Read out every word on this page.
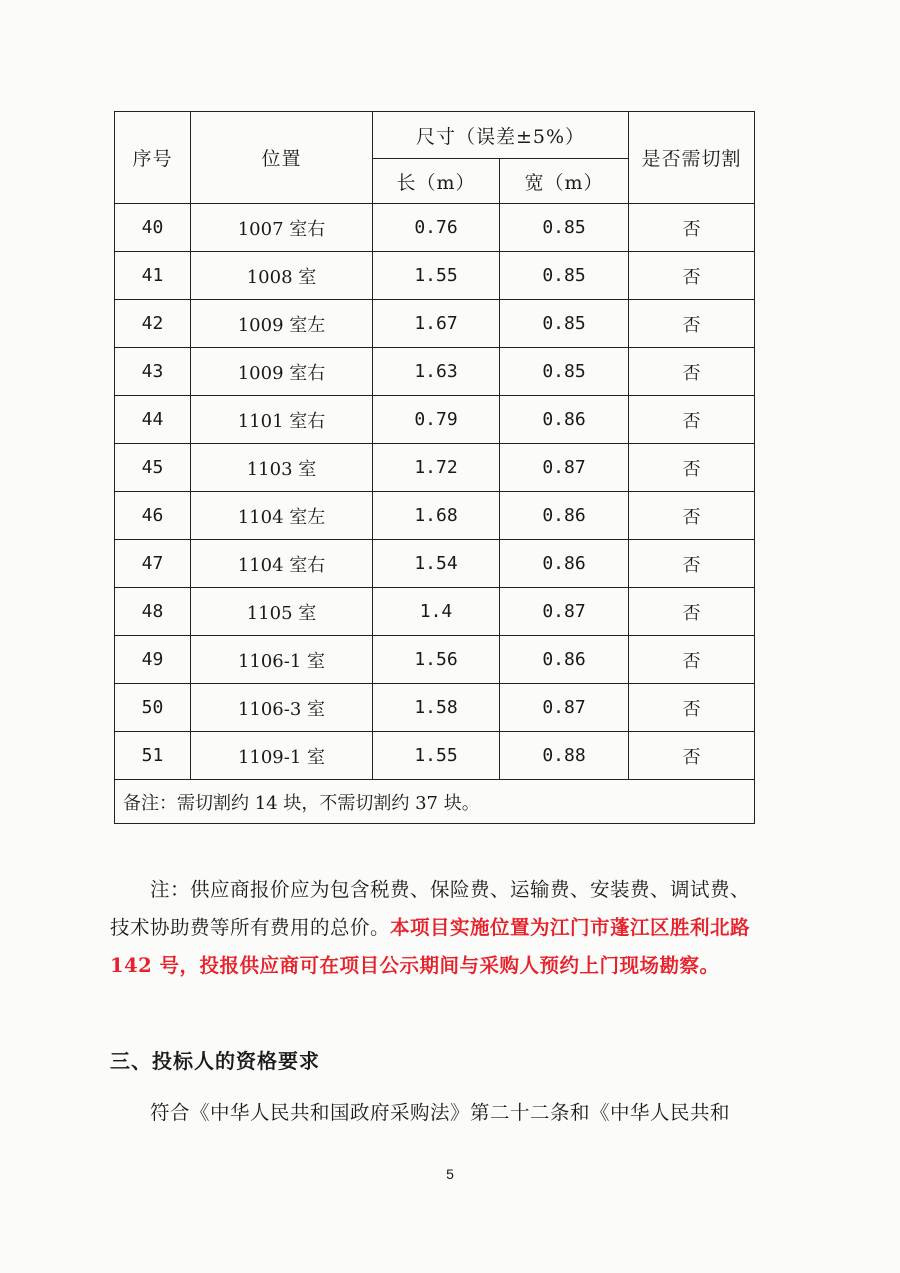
序号	位置	尺寸（误差±5%）		是否需切割
		长（m）	宽（m）	
40	1007 室右	0.76	0.85	否
41	1008 室	1.55	0.85	否
42	1009 室左	1.67	0.85	否
43	1009 室右	1.63	0.85	否
44	1101 室右	0.79	0.86	否
45	1103 室	1.72	0.87	否
46	1104 室左	1.68	0.86	否
47	1104 室右	1.54	0.86	否
48	1105 室	1.4	0.87	否
49	1106-1 室	1.56	0.86	否
50	1106-3 室	1.58	0.87	否
51	1109-1 室	1.55	0.88	否
备注：需切割约 14 块，不需切割约 37 块。				
注：供应商报价应为包含税费、保险费、运输费、安装费、调试费、技术协助费等所有费用的总价。本项目实施位置为江门市蓬江区胜利北路 142 号，投报供应商可在项目公示期间与采购人预约上门现场勘察。
三、投标人的资格要求
符合《中华人民共和国政府采购法》第二十二条和《中华人民共和
5
